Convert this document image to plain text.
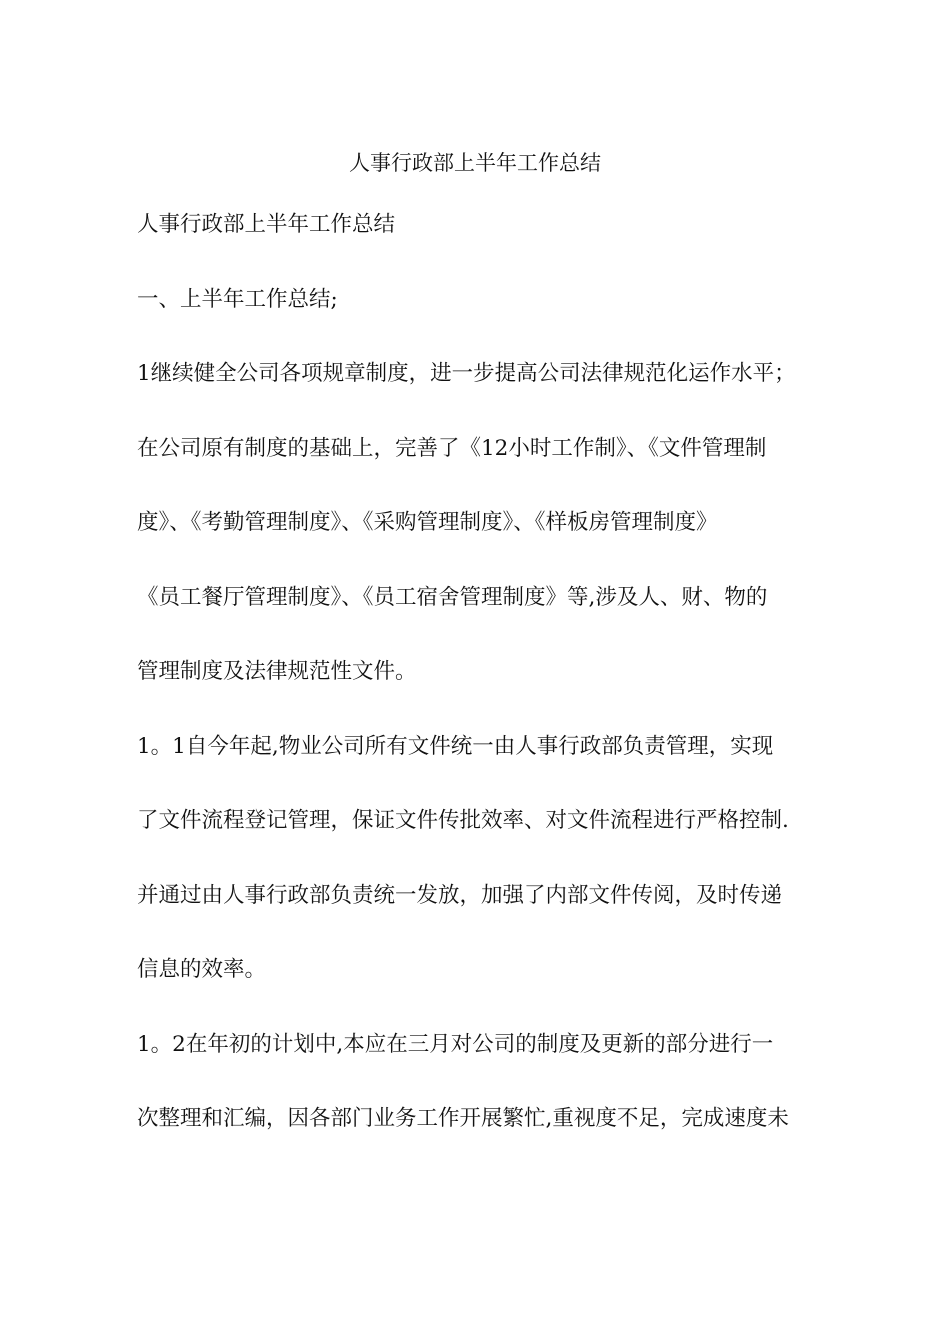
人事行政部上半年工作总结
人事行政部上半年工作总结
一、上半年工作总结;
1继续健全公司各项规章制度，进一步提高公司法律规范化运作水平；
在公司原有制度的基础上，完善了《12小时工作制》、《文件管理制
度》、《考勤管理制度》、《采购管理制度》、《样板房管理制度》
《员工餐厅管理制度》、《员工宿舍管理制度》等,涉及人、财、物的
管理制度及法律规范性文件。
1。1自今年起,物业公司所有文件统一由人事行政部负责管理，实现
了文件流程登记管理，保证文件传批效率、对文件流程进行严格控制.
并通过由人事行政部负责统一发放，加强了内部文件传阅，及时传递
信息的效率。
1。2在年初的计划中,本应在三月对公司的制度及更新的部分进行一
次整理和汇编，因各部门业务工作开展繁忙,重视度不足，完成速度未
